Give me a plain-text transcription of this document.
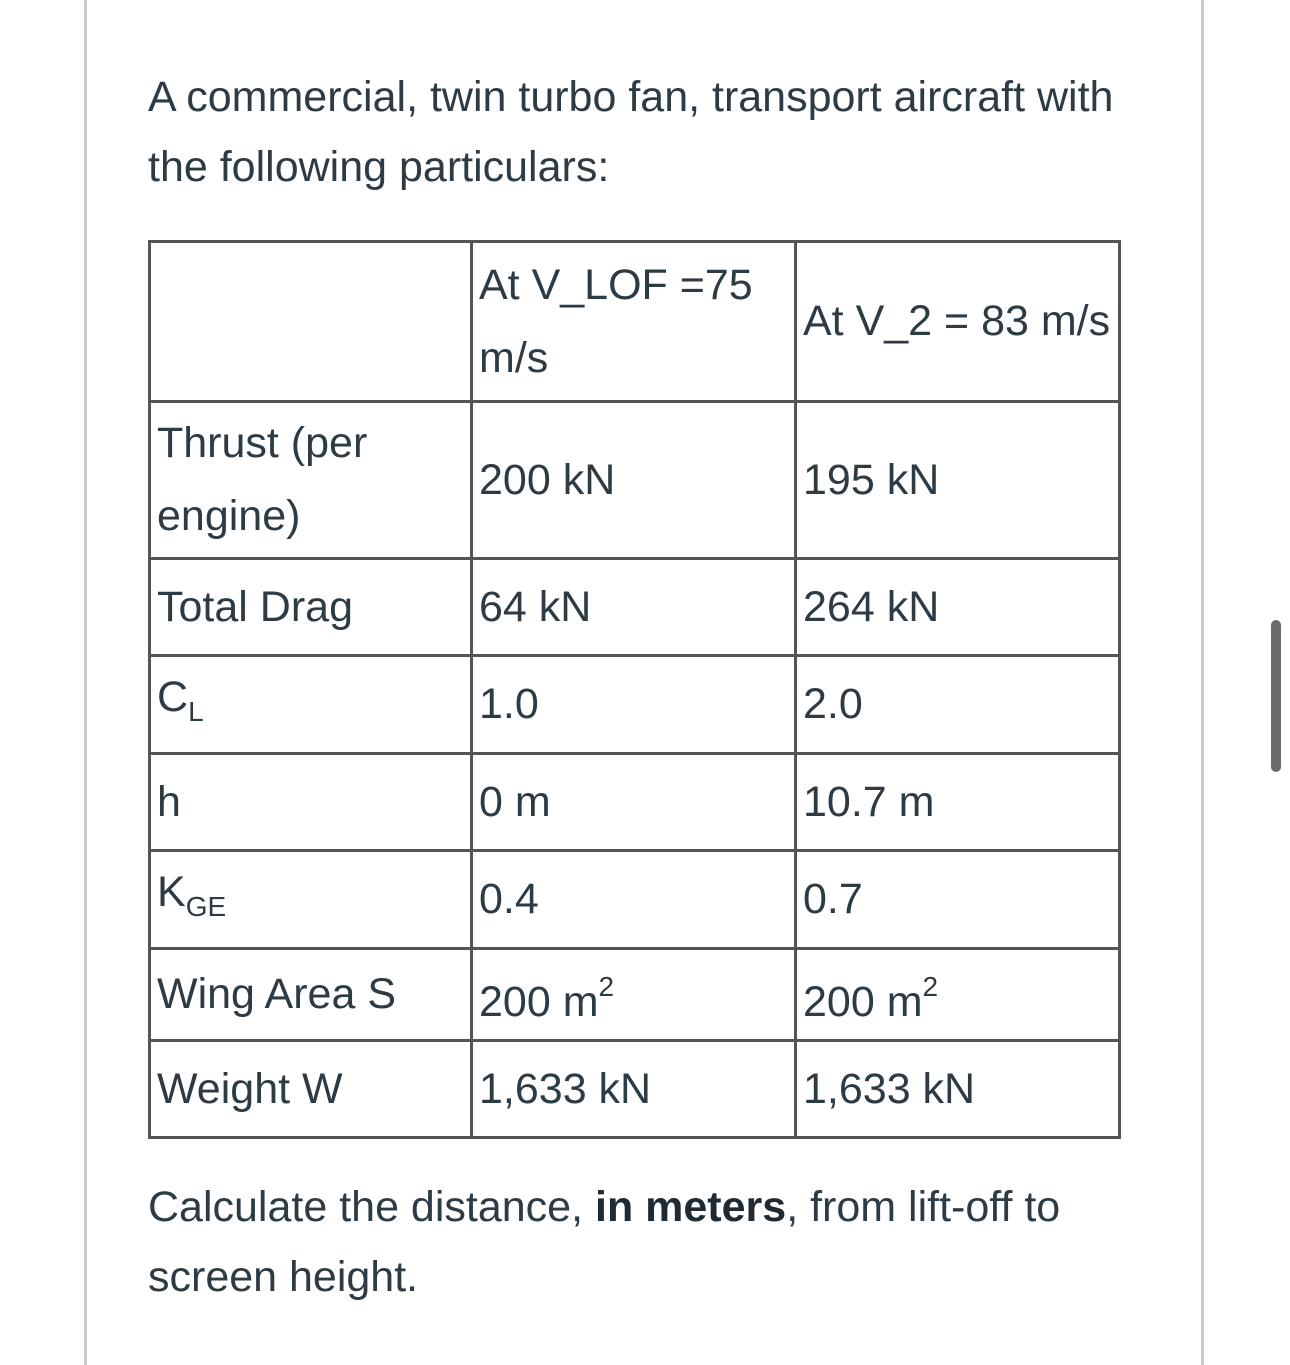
A commercial, twin turbo fan, transport aircraft with the following particulars:

	At V_LOF =75 m/s	At V_2 = 83 m/s
Thrust (per engine)	200 kN	195 kN
Total Drag	64 kN	264 kN
$C_L$	1.0	2.0
h	0 m	10.7 m
$K_{GE}$	0.4	0.7
Wing Area S	200 $m^2$	200 $m^2$
Weight W	1,633 kN	1,633 kN

Calculate the distance, in meters, from lift-off to screen height.
